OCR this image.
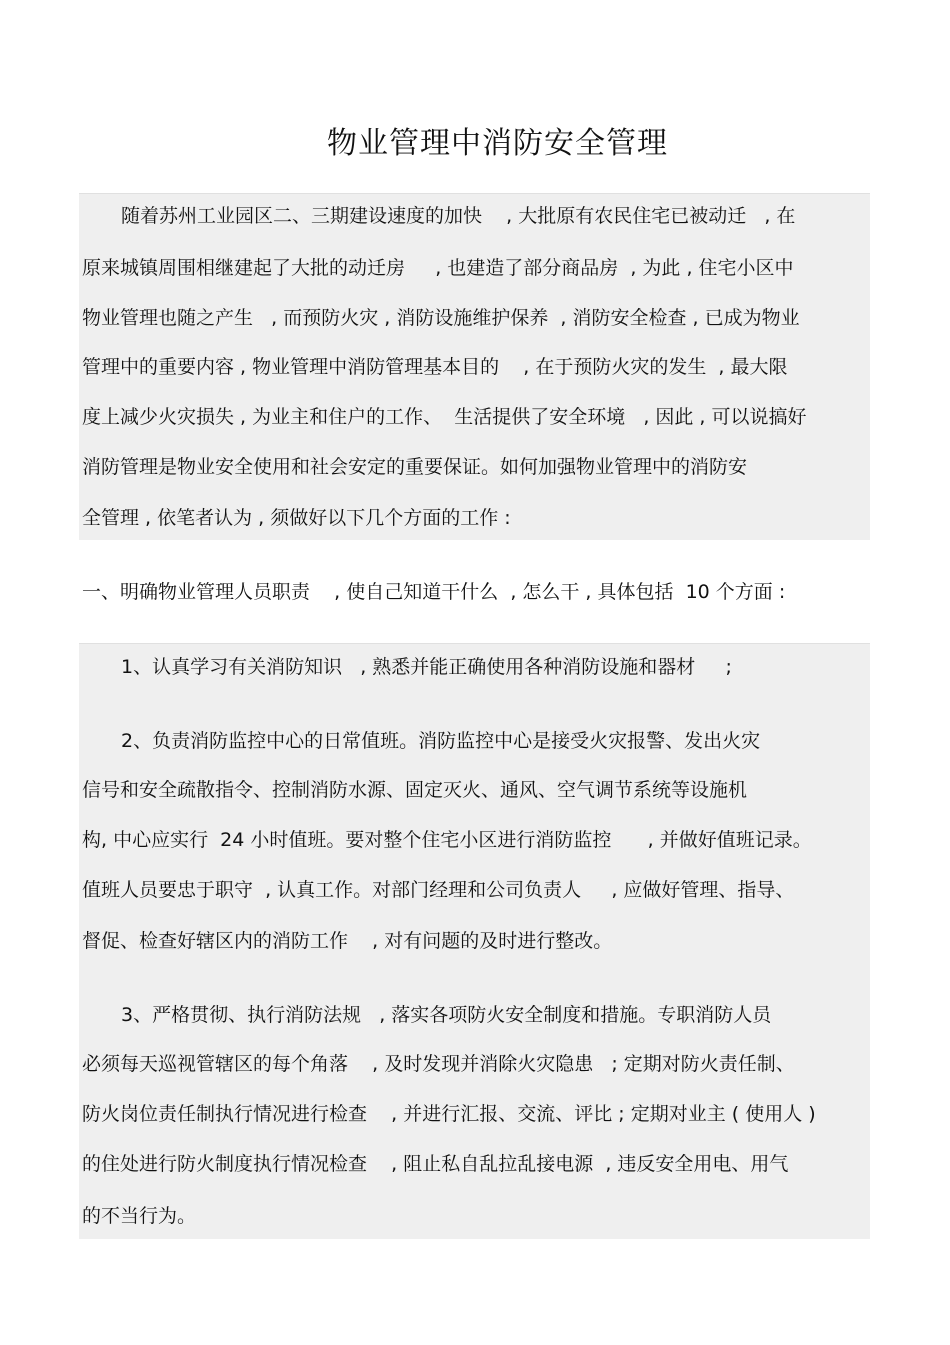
物业管理中消防安全管理

随着苏州工业园区二、三期建设速度的加快    , 大批原有农民住宅已被动迁   , 在

原来城镇周围相继建起了大批的动迁房     , 也建造了部分商品房  , 为此 , 住宅小区中

物业管理也随之产生   , 而预防火灾 , 消防设施维护保养  , 消防安全检查 , 已成为物业

管理中的重要内容 , 物业管理中消防管理基本目的    , 在于预防火灾的发生  , 最大限

度上减少火灾损失 , 为业主和住户的工作、  生活提供了安全环境   , 因此 , 可以说搞好

消防管理是物业安全使用和社会安定的重要保证。如何加强物业管理中的消防安

全管理 , 依笔者认为 , 须做好以下几个方面的工作 :

一、明确物业管理人员职责    , 使自己知道干什么  , 怎么干 , 具体包括  10 个方面 :

1、认真学习有关消防知识   , 熟悉并能正确使用各种消防设施和器材     ;

2、负责消防监控中心的日常值班。消防监控中心是接受火灾报警、发出火灾

信号和安全疏散指令、控制消防水源、固定灭火、通风、空气调节系统等设施机

构, 中心应实行  24 小时值班。要对整个住宅小区进行消防监控      , 并做好值班记录。

值班人员要忠于职守  , 认真工作。对部门经理和公司负责人     , 应做好管理、指导、

督促、检查好辖区内的消防工作    , 对有问题的及时进行整改。

3、严格贯彻、执行消防法规   , 落实各项防火安全制度和措施。专职消防人员

必须每天巡视管辖区的每个角落    , 及时发现并消除火灾隐患   ; 定期对防火责任制、

防火岗位责任制执行情况进行检查    , 并进行汇报、交流、评比 ; 定期对业主 ( 使用人 )

的住处进行防火制度执行情况检查    , 阻止私自乱拉乱接电源  , 违反安全用电、用气

的不当行为。
